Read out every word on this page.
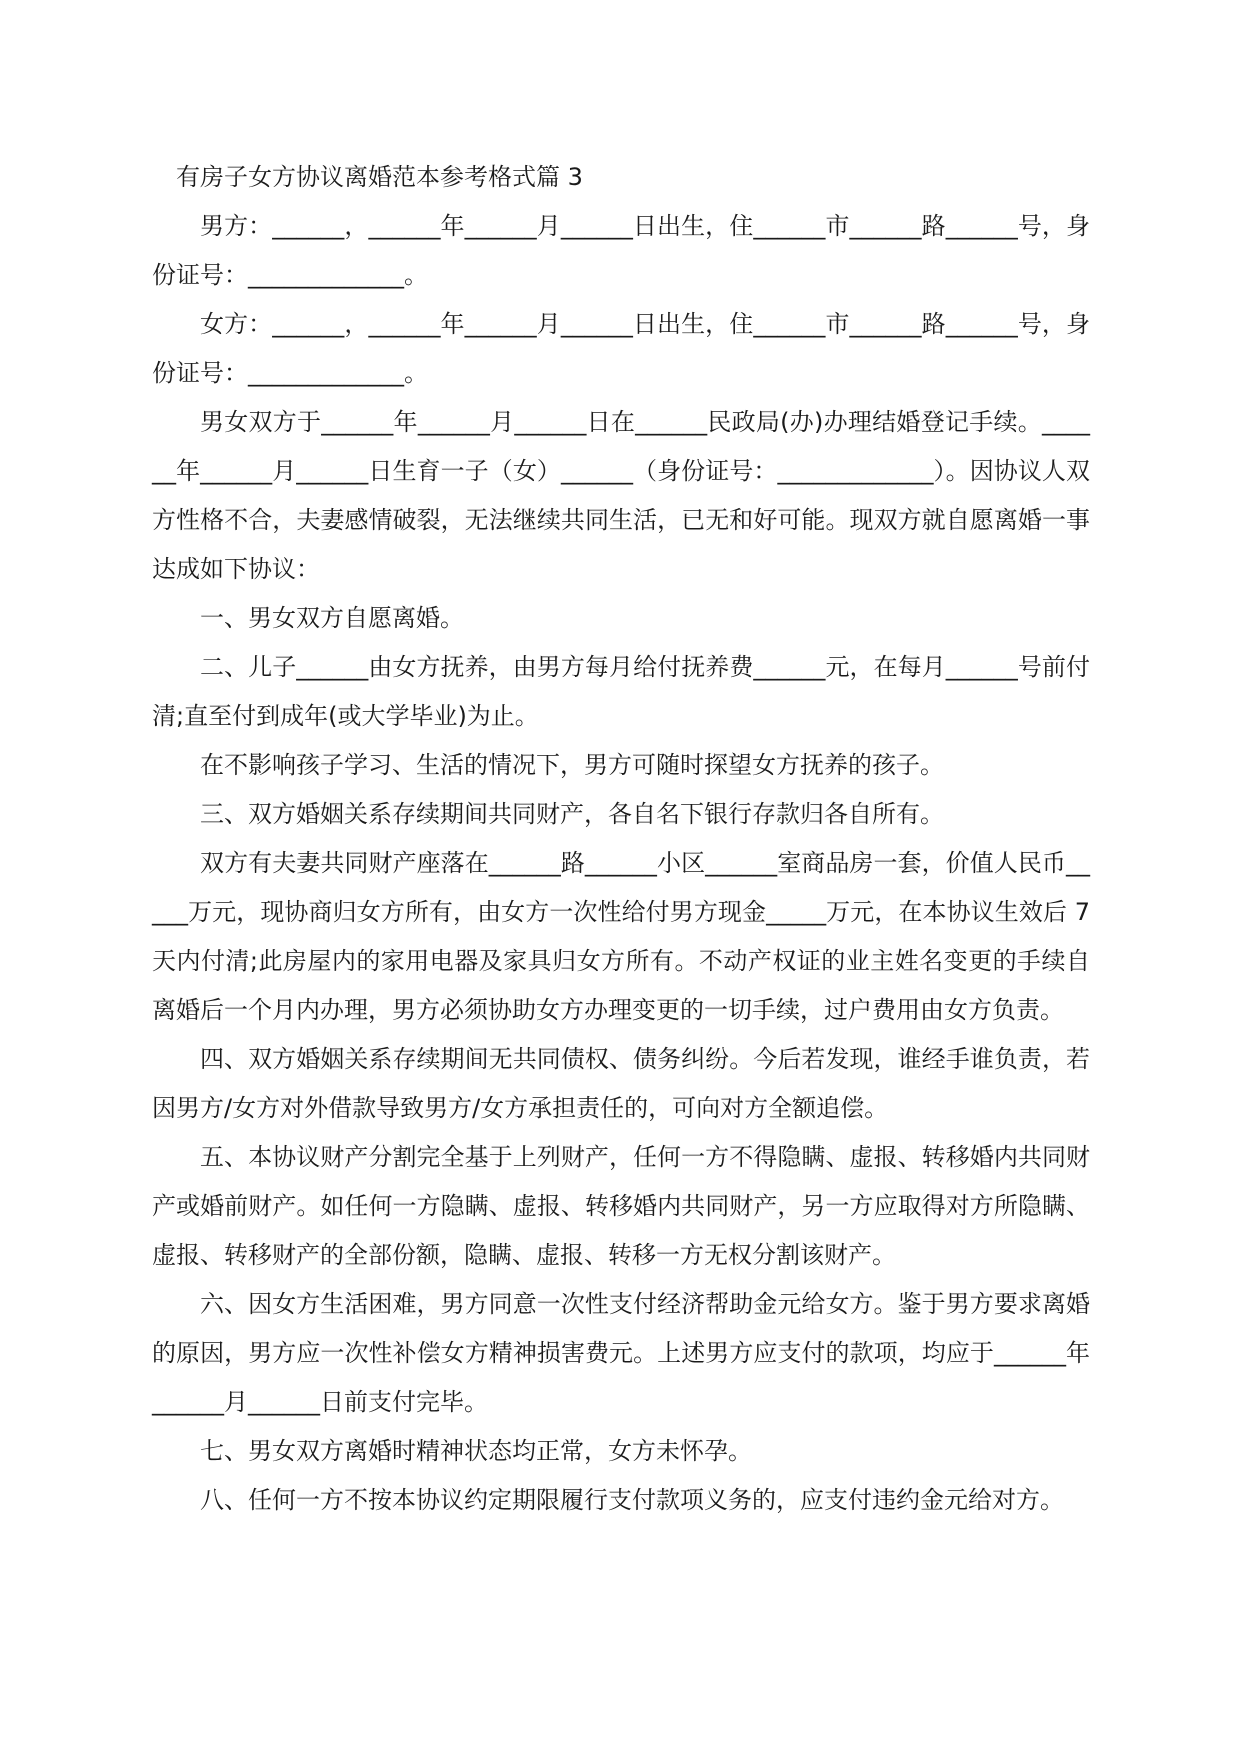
有房子女方协议离婚范本参考格式篇 3

男方：______，______年______月______日出生，住______市______路______号，身份证号：_____________。

女方：______，______年______月______日出生，住______市______路______号，身份证号：_____________。

男女双方于______年______月______日在______民政局(办)办理结婚登记手续。______年______月______日生育一子（女）______（身份证号：_____________）。因协议人双方性格不合，夫妻感情破裂，无法继续共同生活，已无和好可能。现双方就自愿离婚一事达成如下协议：

一、男女双方自愿离婚。

二、儿子______由女方抚养，由男方每月给付抚养费______元，在每月______号前付清;直至付到成年(或大学毕业)为止。

在不影响孩子学习、生活的情况下，男方可随时探望女方抚养的孩子。

三、双方婚姻关系存续期间共同财产，各自名下银行存款归各自所有。

双方有夫妻共同财产座落在______路______小区______室商品房一套，价值人民币_____万元，现协商归女方所有，由女方一次性给付男方现金_____万元，在本协议生效后 7 天内付清;此房屋内的家用电器及家具归女方所有。不动产权证的业主姓名变更的手续自离婚后一个月内办理，男方必须协助女方办理变更的一切手续，过户费用由女方负责。

四、双方婚姻关系存续期间无共同债权、债务纠纷。今后若发现，谁经手谁负责，若因男方/女方对外借款导致男方/女方承担责任的，可向对方全额追偿。

五、本协议财产分割完全基于上列财产，任何一方不得隐瞒、虚报、转移婚内共同财产或婚前财产。如任何一方隐瞒、虚报、转移婚内共同财产，另一方应取得对方所隐瞒、虚报、转移财产的全部份额，隐瞒、虚报、转移一方无权分割该财产。

六、因女方生活困难，男方同意一次性支付经济帮助金元给女方。鉴于男方要求离婚的原因，男方应一次性补偿女方精神损害费元。上述男方应支付的款项，均应于______年______月______日前支付完毕。

七、男女双方离婚时精神状态均正常，女方未怀孕。

八、任何一方不按本协议约定期限履行支付款项义务的，应支付违约金元给对方。
